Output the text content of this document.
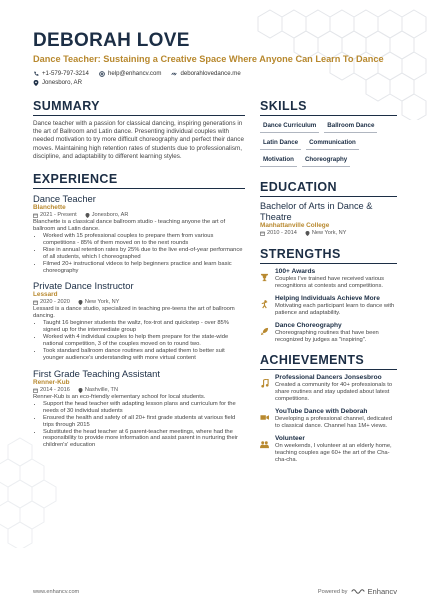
DEBORAH LOVE
Dance Teacher: Sustaining a Creative Space Where Anyone Can Learn To Dance
+1-579-797-3214	help@enhancv.com	deborahlovedance.me
Jonesboro, AR
SUMMARY
Dance teacher with a passion for classical dancing, inspiring generations in the art of Ballroom and Latin dance. Presenting individual couples with needed motivation to try more difficult choreography and perfect their dance moves. Maintaining high retention rates of students due to professionalism, discipline, and adaptability to different learning styles.
EXPERIENCE
Dance Teacher
Blanchette
2021 - Present	Jonesboro, AR
Blanchette is a classical dance ballroom studio - teaching anyone the art of ballroom and Latin dance.
• Worked with 15 professional couples to prepare them from various competitions - 85% of them moved on to the next rounds
• Rise in annual retention rates by 25% due to the live end-of-year performance of all students, which I choreographed
• Filmed 20+ instructional videos to help beginners practice and learn basic choreography
Private Dance Instructor
Lessard
2020 - 2020	New York, NY
Lessard is a dance studio, specialized in teaching pre-teens the art of ballroom dancing.
• Taught 16 beginner students the waltz, fox-trot and quickstep - over 85% signed up for the intermediate group
• Worked with 4 individual couples to help them prepare for the state-wide national competition, 3 of the couples moved on to round two.
• Took standard ballroom dance routines and adapted them to better suit younger audience's understanding with more virtual content
First Grade Teaching Assistant
Renner-Kub
2014 - 2016	Nashville, TN
Renner-Kub is an eco-friendly elementary school for local students.
• Support the head teacher with adapting lesson plans and curriculum for the needs of 30 individual students
• Ensured the health and safety of all 20+ first grade students at various field trips through 2015
• Substituted the head teacher at 6 parent-teacher meetings, where had the responsibility to provide more information and assist parent in nurturing their children's' education
SKILLS
Dance Curriculum	Ballroom Dance
Latin Dance	Communication
Motivation	Choreography
EDUCATION
Bachelor of Arts in Dance & Theatre
Manhattanville College
2010 - 2014	New York, NY
STRENGTHS
100+ Awards
Couples I've trained have received various recognitions at contests and competitions.
Helping Individuals Achieve More
Motivating each participant learn to dance with patience and adaptability.
Dance Choreography
Choreographing routines that have been recognized by judges as "inspiring".
ACHIEVEMENTS
Professional Dancers Jonsesbroo
Created a community for 40+ professionals to share routines and stay updated about latest competitions.
YouTube Dance with Deborah
Developing a professional channel, dedicated to classical dance. Channel has 1M+ views.
Volunteer
On weekends, I volunteer at an elderly home, teaching couples age 60+ the art of the Cha-cha-cha.
www.enhancv.com	Powered by	Enhancv
